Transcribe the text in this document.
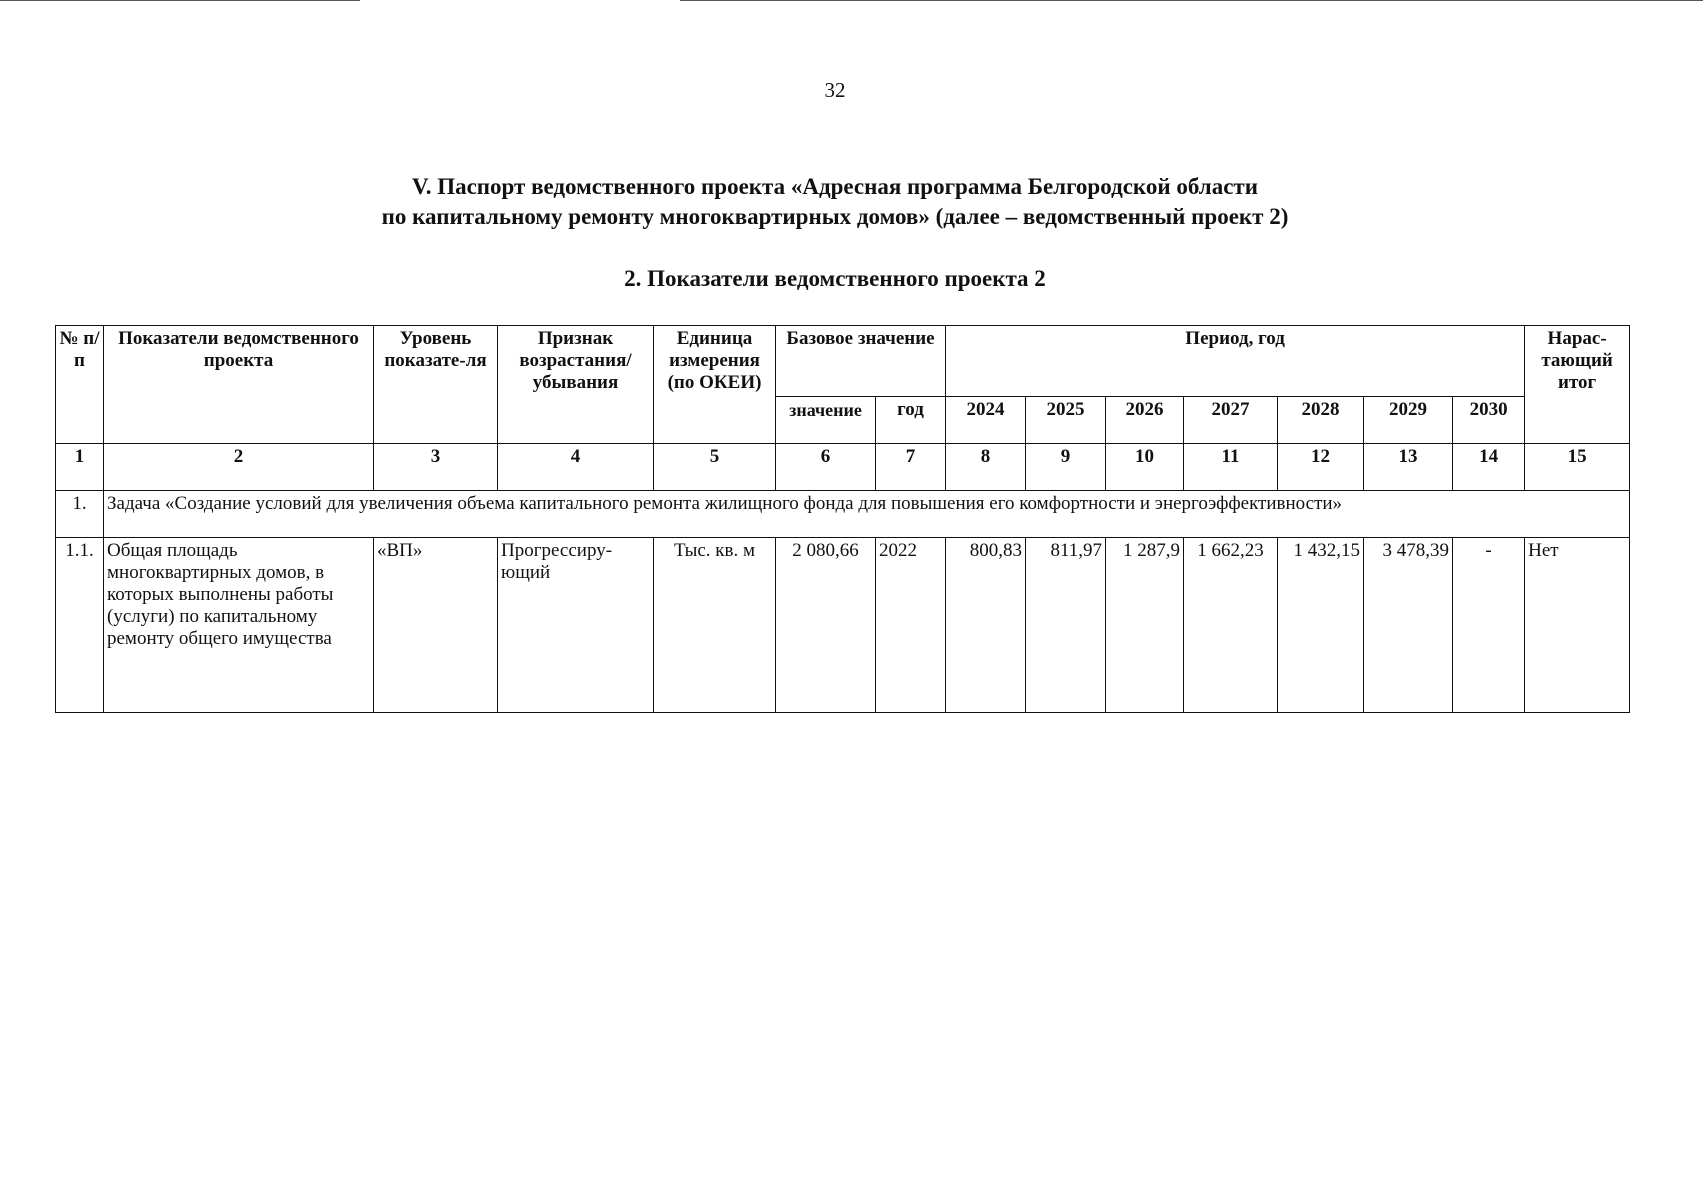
32
V. Паспорт ведомственного проекта «Адресная программа Белгородской области
по капитальному ремонту многоквартирных домов» (далее – ведомственный проект 2)
2. Показатели ведомственного проекта 2
№ п/п	Показатели ведомственного проекта	Уровень показате-ля	Признак возрастания/ убывания	Единица измерения (по ОКЕИ)	Базовое значение		Период, год							Нарас-тающий итог
					значение	год	2024	2025	2026	2027	2028	2029	2030	
1	2	3	4	5	6	7	8	9	10	11	12	13	14	15
1.	Задача «Создание условий для увеличения объема капитального ремонта жилищного фонда для повышения его комфортности и энергоэффективности»													
1.1.	Общая площадь многоквартирных домов, в которых выполнены работы (услуги) по капитальному ремонту общего имущества	«ВП»	Прогрессиру-ющий	Тыс. кв. м	2 080,66	2022	800,83	811,97	1 287,9	1 662,23	1 432,15	3 478,39	-	Нет
